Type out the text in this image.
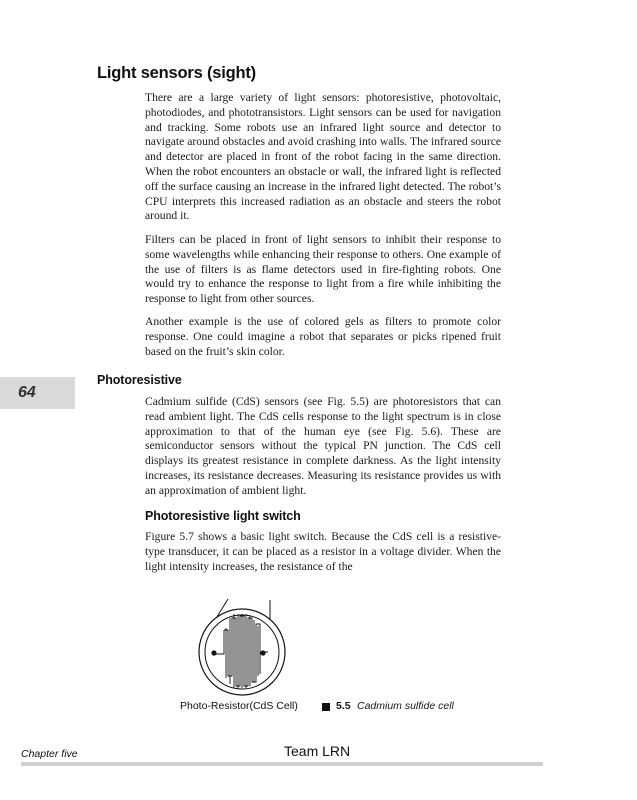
Light sensors (sight)

There are a large variety of light sensors: photoresistive, photovoltaic, photodiodes, and phototransistors. Light sensors can be used for navigation and tracking. Some robots use an infrared light source and detector to navigate around obstacles and avoid crashing into walls. The infrared source and detector are placed in front of the robot facing in the same direction. When the robot encounters an obstacle or wall, the infrared light is reflected off the surface causing an increase in the infrared light detected. The robot’s CPU interprets this increased radiation as an obstacle and steers the robot around it.

Filters can be placed in front of light sensors to inhibit their response to some wavelengths while enhancing their response to others. One example of the use of filters is as flame detectors used in fire-fighting robots. One would try to enhance the response to light from a fire while inhibiting the response to light from other sources.

Another example is the use of colored gels as filters to promote color response. One could imagine a robot that separates or picks ripened fruit based on the fruit’s skin color.

Photoresistive
64

Cadmium sulfide (CdS) sensors (see Fig. 5.5) are photoresistors that can read ambient light. The CdS cells response to the light spectrum is in close approximation to that of the human eye (see Fig. 5.6). These are semiconductor sensors without the typical PN junction. The CdS cell displays its greatest resistance in complete darkness. As the light intensity increases, its resistance decreases. Measuring its resistance provides us with an approximation of ambient light.

Photoresistive light switch

Figure 5.7 shows a basic light switch. Because the CdS cell is a resistive-type transducer, it can be placed as a resistor in a voltage divider. When the light intensity increases, the resistance of the

Photo-Resistor(CdS Cell)	5.5 Cadmium sulfide cell
Chapter five	Team LRN
